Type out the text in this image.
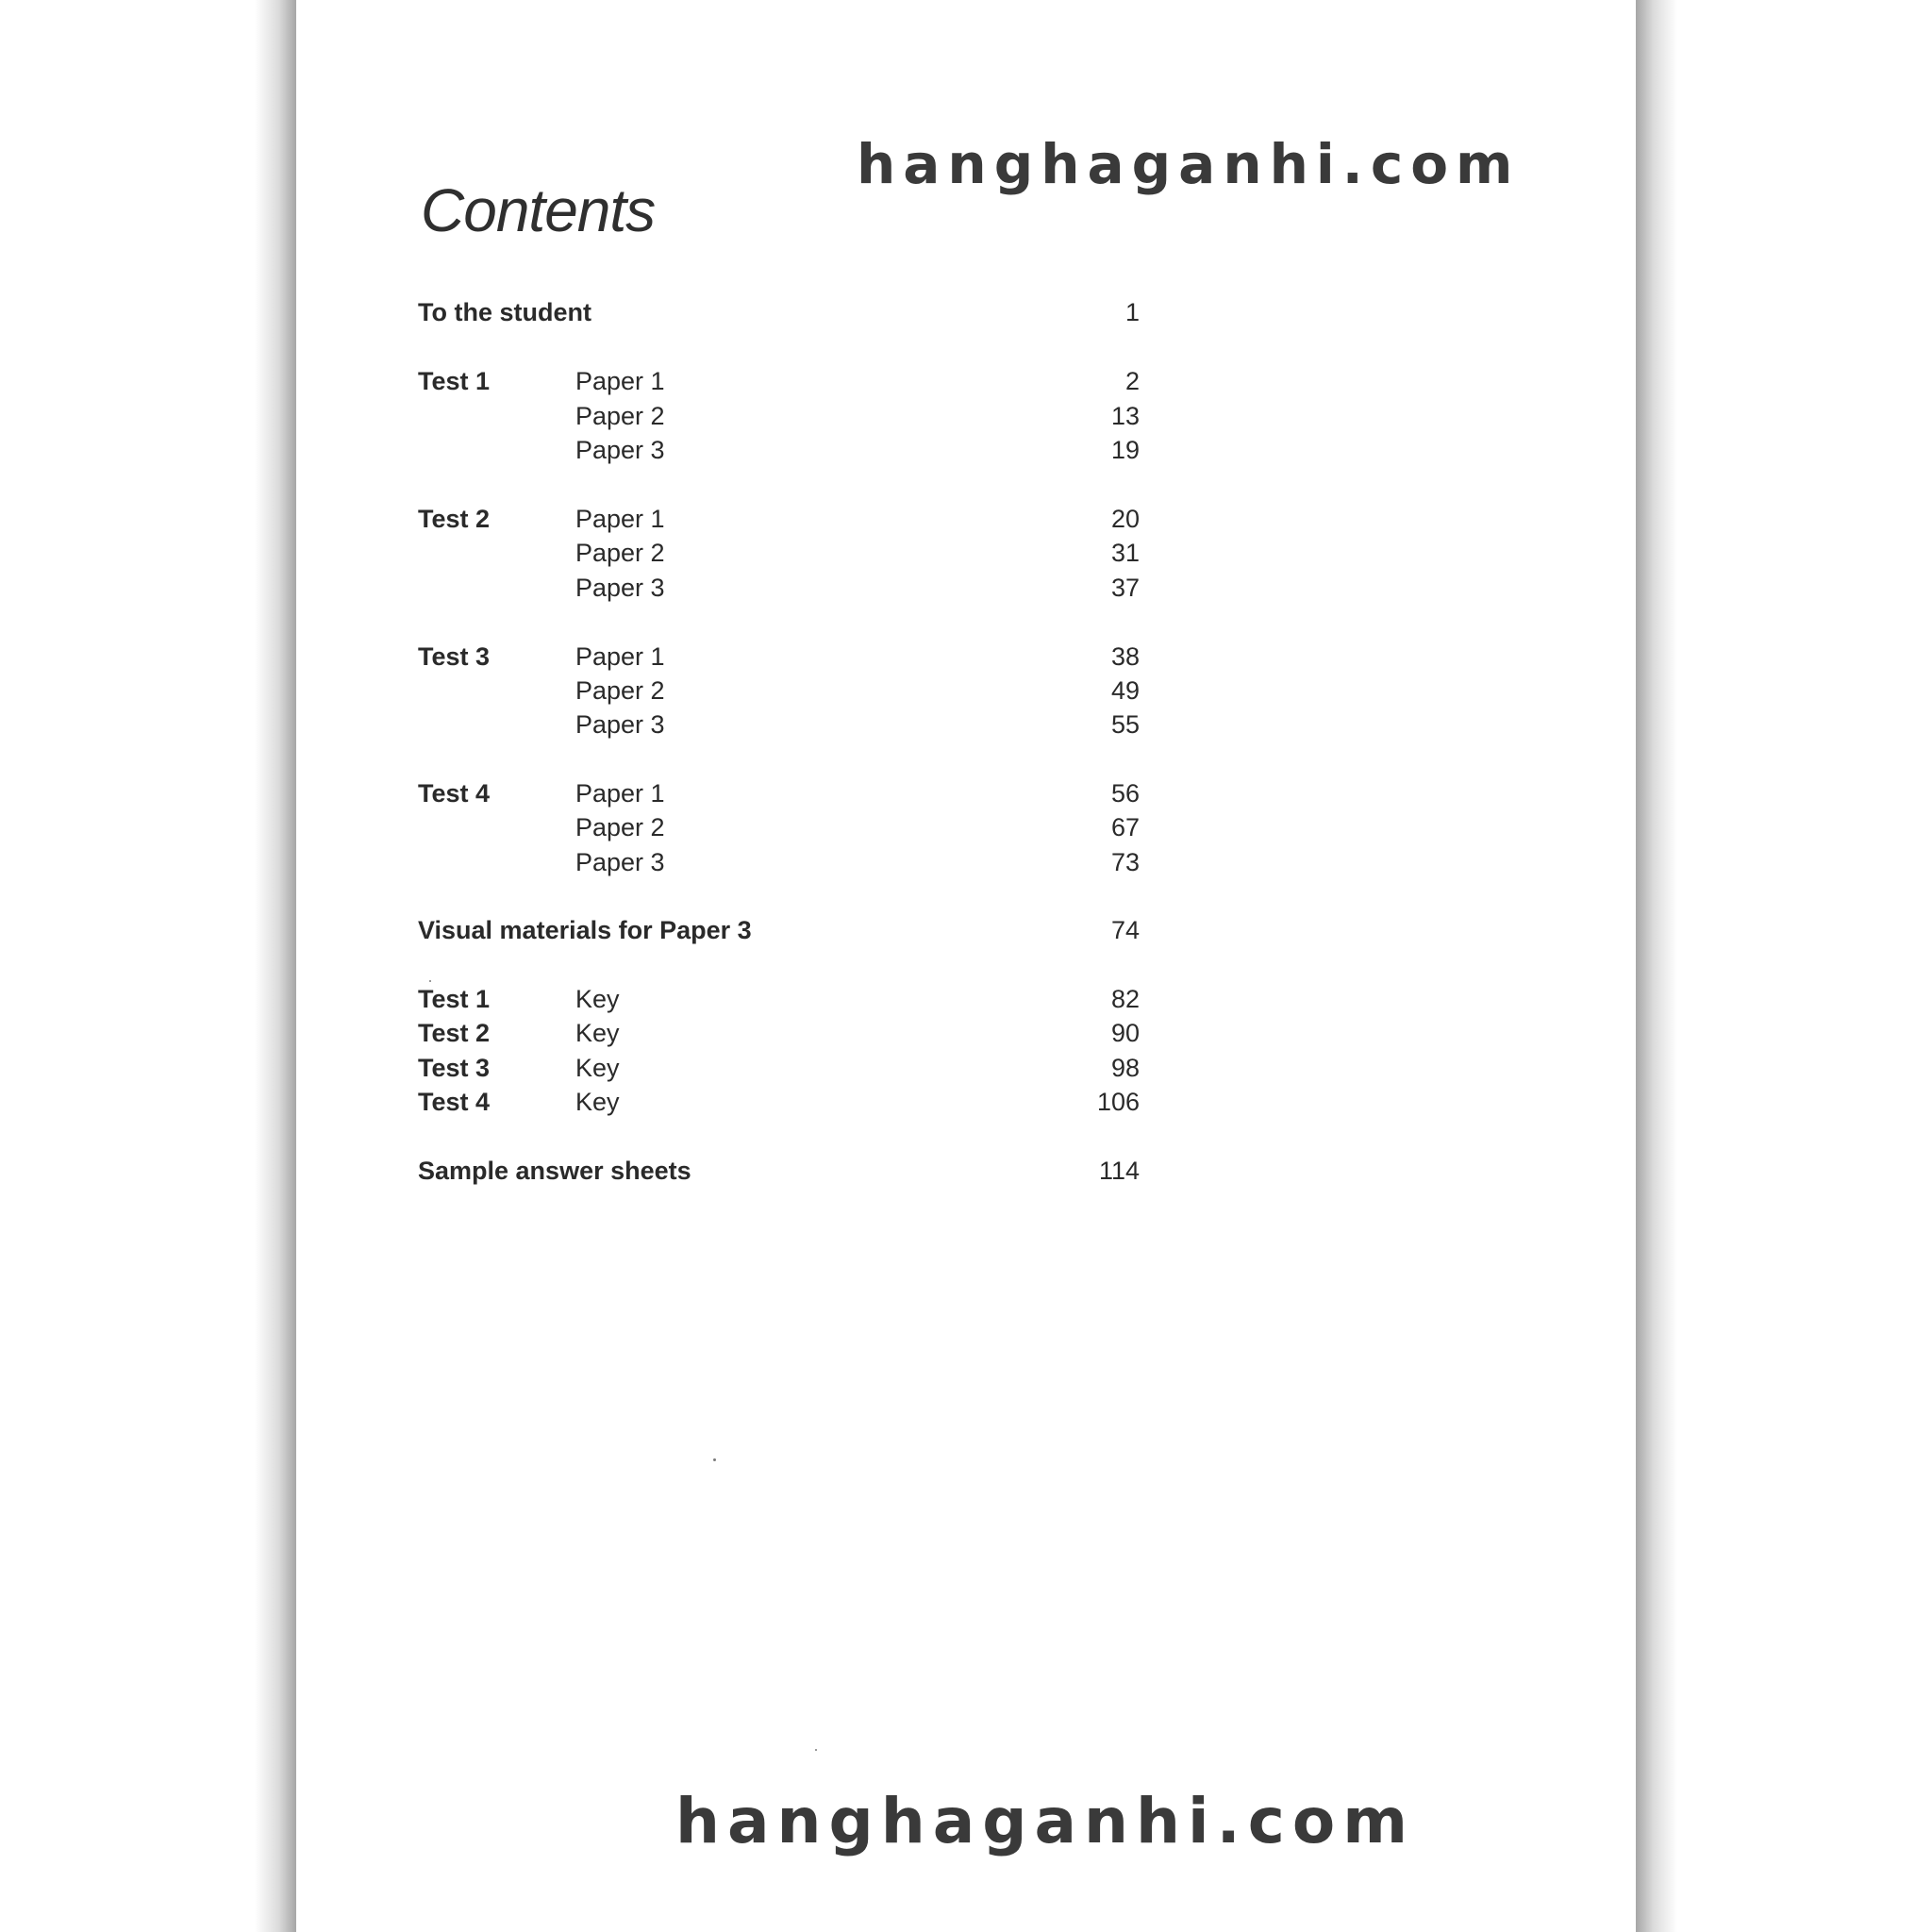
hanghaganhi.com
Contents
To the student	1
Test 1	Paper 1	2
Paper 2	13
Paper 3	19
Test 2	Paper 1	20
Paper 2	31
Paper 3	37
Test 3	Paper 1	38
Paper 2	49
Paper 3	55
Test 4	Paper 1	56
Paper 2	67
Paper 3	73
Visual materials for Paper 3	74
Test 1	Key	82
Test 2	Key	90
Test 3	Key	98
Test 4	Key	106
Sample answer sheets	114
hanghaganhi.com
